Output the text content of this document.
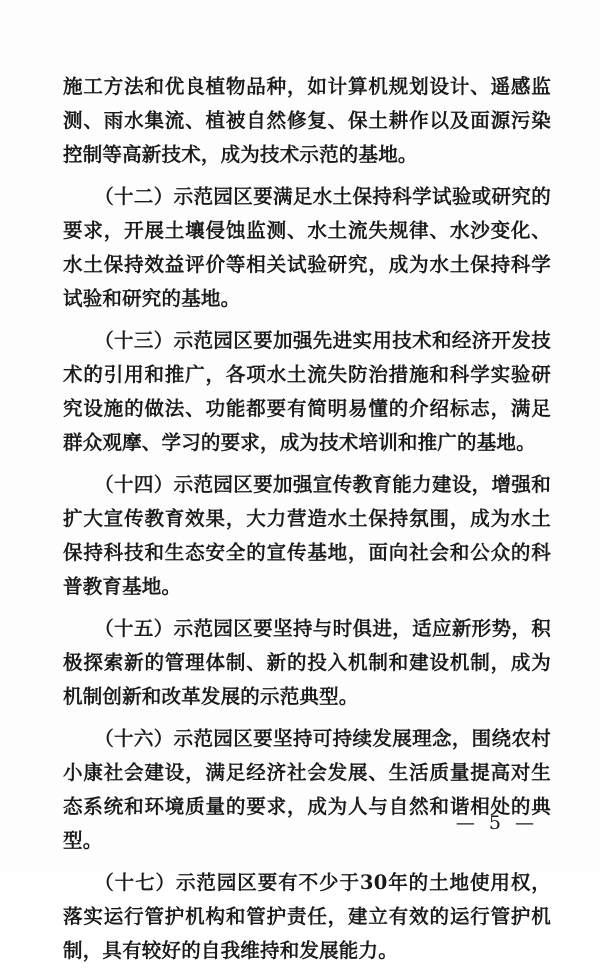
施工方法和优良植物品种，如计算机规划设计、遥感监测、雨水集流、植被自然修复、保土耕作以及面源污染控制等高新技术，成为技术示范的基地。

（十二）示范园区要满足水土保持科学试验或研究的要求，开展土壤侵蚀监测、水土流失规律、水沙变化、水土保持效益评价等相关试验研究，成为水土保持科学试验和研究的基地。

（十三）示范园区要加强先进实用技术和经济开发技术的引用和推广，各项水土流失防治措施和科学实验研究设施的做法、功能都要有简明易懂的介绍标志，满足群众观摩、学习的要求，成为技术培训和推广的基地。

（十四）示范园区要加强宣传教育能力建设，增强和扩大宣传教育效果，大力营造水土保持氛围，成为水土保持科技和生态安全的宣传基地，面向社会和公众的科普教育基地。

（十五）示范园区要坚持与时俱进，适应新形势，积极探索新的管理体制、新的投入机制和建设机制，成为机制创新和改革发展的示范典型。

（十六）示范园区要坚持可持续发展理念，围绕农村小康社会建设，满足经济社会发展、生活质量提高对生态系统和环境质量的要求，成为人与自然和谐相处的典型。

（十七）示范园区要有不少于30年的土地使用权，落实运行管护机构和管护责任，建立有效的运行管护机制，具有较好的自我维持和发展能力。

— 5 —
